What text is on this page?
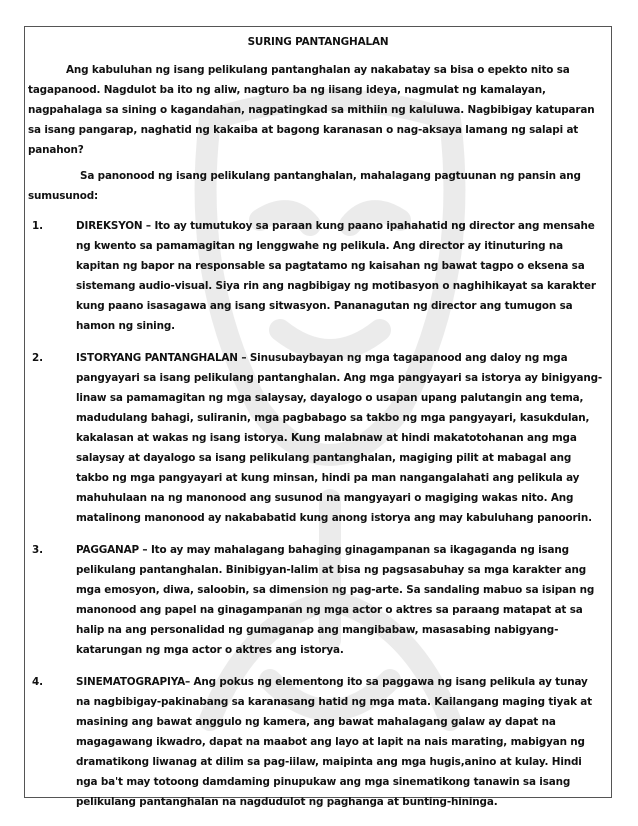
SURING PANTANGHALAN

Ang kabuluhan ng isang pelikulang pantanghalan ay nakabatay sa bisa o epekto nito sa tagapanood. Nagdulot ba ito ng aliw, nagturo ba ng iisang ideya, nagmulat ng kamalayan, nagpahalaga sa sining o kagandahan, nagpatingkad sa mithiin ng kaluluwa. Nagbibigay katuparan sa isang pangarap, naghatid ng kakaiba at bagong karanasan o nag-aksaya lamang ng salapi at panahon?

Sa panonood ng isang pelikulang pantanghalan, mahalagang pagtuunan ng pansin ang sumusunod:

1.	DIREKSYON – Ito ay tumutukoy sa paraan kung paano ipahahatid ng director ang mensahe ng kwento sa pamamagitan ng lenggwahe ng pelikula. Ang director ay itinuturing na kapitan ng bapor na responsable sa pagtatamo ng kaisahan ng bawat tagpo o eksena sa sistemang audio-visual. Siya rin ang nagbibigay ng motibasyon o naghihikayat sa karakter kung paano isasagawa ang isang sitwasyon. Pananagutan ng director ang tumugon sa hamon ng sining.
2.	ISTORYANG PANTANGHALAN – Sinusubaybayan ng mga tagapanood ang daloy ng mga pangyayari sa isang pelikulang pantanghalan. Ang mga pangyayari sa istorya ay binigyang-linaw sa pamamagitan ng mga salaysay, dayalogo o usapan upang palutangin ang tema, madudulang bahagi, suliranin, mga pagbabago sa takbo ng mga pangyayari, kasukdulan, kakalasan at wakas ng isang istorya. Kung malabnaw at hindi makatotohanan ang mga salaysay at dayalogo sa isang pelikulang pantanghalan, magiging pilit at mabagal ang takbo ng mga pangyayari at kung minsan, hindi pa man nangangalahati ang pelikula ay mahuhulaan na ng manonood ang susunod na mangyayari o magiging wakas nito. Ang matalinong manonood ay nakababatid kung anong istorya ang may kabuluhang panoorin.
3.	PAGGANAP – Ito ay may mahalagang bahaging ginagampanan sa ikagaganda ng isang pelikulang pantanghalan. Binibigyan-lalim at bisa ng pagsasabuhay sa mga karakter ang mga emosyon, diwa, saloobin, sa dimension ng pag-arte. Sa sandaling mabuo sa isipan ng manonood ang papel na ginagampanan ng mga actor o aktres sa paraang matapat at sa halip na ang personalidad ng gumaganap ang mangibabaw, masasabing nabigyang-katarungan ng mga actor o aktres ang istorya.
4.	SINEMATOGRAPIYA– Ang pokus ng elementong ito sa paggawa ng isang pelikula ay tunay na nagbibigay-pakinabang sa karanasang hatid ng mga mata. Kailangang maging tiyak at masining ang bawat anggulo ng kamera, ang bawat mahalagang galaw ay dapat na magagawang ikwadro, dapat na maabot ang layo at lapit na nais marating, mabigyan ng dramatikong liwanag at dilim sa pag-iilaw, maipinta ang mga hugis,anino at kulay. Hindi nga ba't may totoong damdaming pinupukaw ang mga sinematikong tanawin sa isang pelikulang pantanghalan na nagdudulot ng paghanga at bunting-hininga.
